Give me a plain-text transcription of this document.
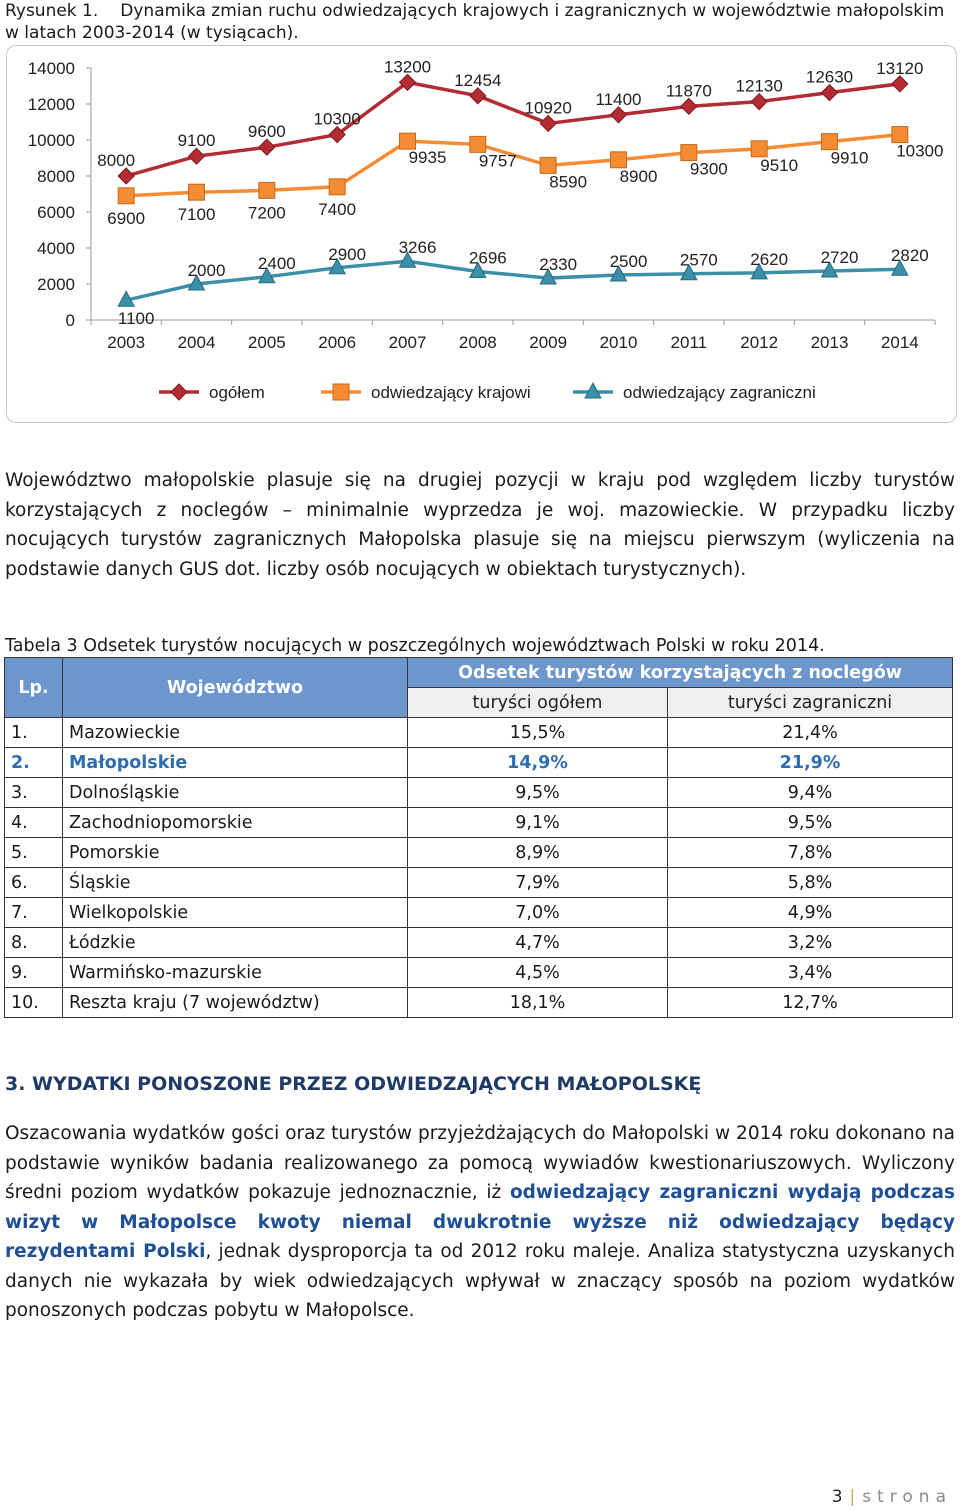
Rysunek 1. Dynamika zmian ruchu odwiedzających krajowych i zagranicznych w województwie małopolskim w latach 2003-2014 (w tysiącach).
0
2000
4000
6000
8000
10000
12000
14000
2003 2004 2005 2006 2007 2008 2009 2010 2011 2012 2013 2014
8000
9100 9600
10300
13200
12454
10920 11400 11870 12130 12630 13120
6900 7100 7200 7400
9935 9757
8590 8900 9300 9510 9910 10300
1100
2000 2400 2900 3266
2696 2330 2500 2570 2620 2720 2820
ogółem	odwiedzający krajowi	odwiedzający zagraniczni
Województwo małopolskie plasuje się na drugiej pozycji w kraju pod względem liczby turystów korzystających z noclegów – minimalnie wyprzedza je woj. mazowieckie. W przypadku liczby nocujących turystów zagranicznych Małopolska plasuje się na miejscu pierwszym (wyliczenia na podstawie danych GUS dot. liczby osób nocujących w obiektach turystycznych).
Tabela 3 Odsetek turystów nocujących w poszczególnych województwach Polski w roku 2014.
Lp.	Województwo	Odsetek turystów korzystających z noclegów	
		turyści ogółem	turyści zagraniczni
1.	Mazowieckie	15,5%	21,4%
2.	Małopolskie	14,9%	21,9%
3.	Dolnośląskie	9,5%	9,4%
4.	Zachodniopomorskie	9,1%	9,5%
5.	Pomorskie	8,9%	7,8%
6.	Śląskie	7,9%	5,8%
7.	Wielkopolskie	7,0%	4,9%
8.	Łódzkie	4,7%	3,2%
9.	Warmińsko-mazurskie	4,5%	3,4%
10.	Reszta kraju (7 województw)	18,1%	12,7%
3. WYDATKI PONOSZONE PRZEZ ODWIEDZAJĄCYCH MAŁOPOLSKĘ
Oszacowania wydatków gości oraz turystów przyjeżdżających do Małopolski w 2014 roku dokonano na podstawie wyników badania realizowanego za pomocą wywiadów kwestionariuszowych. Wyliczony średni poziom wydatków pokazuje jednoznacznie, iż odwiedzający zagraniczni wydają podczas wizyt w Małopolsce kwoty niemal dwukrotnie wyższe niż odwiedzający będący rezydentami Polski, jednak dysproporcja ta od 2012 roku maleje. Analiza statystyczna uzyskanych danych nie wykazała by wiek odwiedzających wpływał w znaczący sposób na poziom wydatków ponoszonych podczas pobytu w Małopolsce.
3 | strona
